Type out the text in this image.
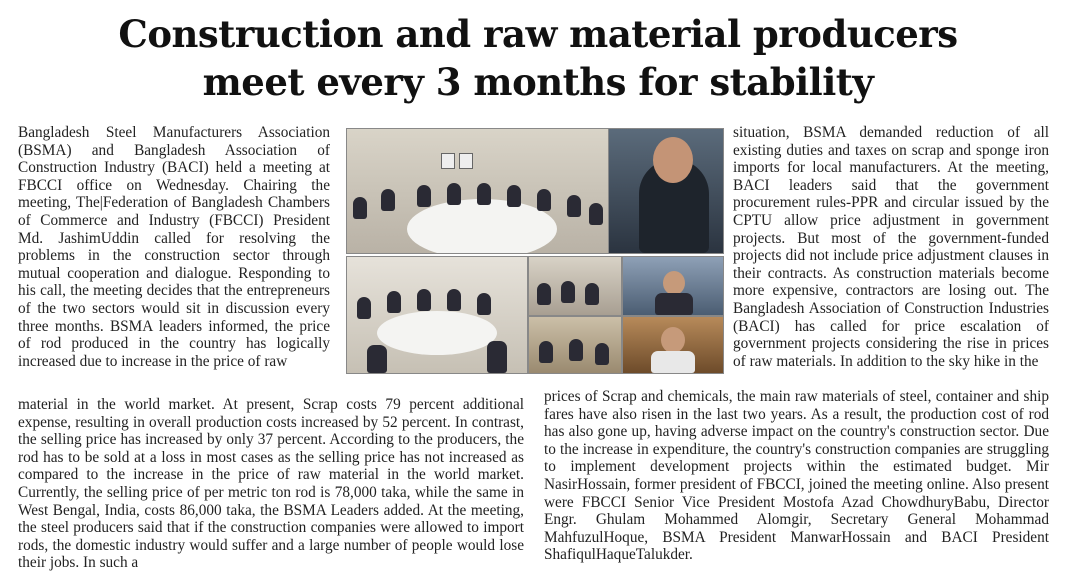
Construction and raw material producers
meet every 3 months for stability

Bangladesh Steel Manufacturers Association (BSMA) and Bangladesh Association of Construction Industry (BACI) held a meeting at FBCCI office on Wednesday. Chairing the meeting, The|Federation of Bangladesh Chambers of Commerce and Industry (FBCCI) President Md. JashimUddin called for resolving the problems in the construction sector through mutual cooperation and dialogue. Responding to his call, the meeting decides that the entrepreneurs of the two sectors would sit in discussion every three months. BSMA leaders informed, the price of rod produced in the country has logically increased due to increase in the price of raw

situation, BSMA demanded reduction of all existing duties and taxes on scrap and sponge iron imports for local manufacturers. At the meeting, BACI leaders said that the government procurement rules-PPR and circular issued by the CPTU allow price adjustment in government projects. But most of the government-funded projects did not include price adjustment clauses in their contracts. As construction materials become more expensive, contractors are losing out. The Bangladesh Association of Construction Industries (BACI) has called for price escalation of government projects considering the rise in prices of raw materials. In addition to the sky hike in the

material in the world market. At present, Scrap costs 79 percent additional expense, resulting in overall production costs increased by 52 percent. In contrast, the selling price has increased by only 37 percent. According to the producers, the rod has to be sold at a loss in most cases as the selling price has not increased as compared to the increase in the price of raw material in the world market. Currently, the selling price of per metric ton rod is 78,000 taka, while the same in West Bengal, India, costs 86,000 taka, the BSMA Leaders added. At the meeting, the steel producers said that if the construction companies were allowed to import rods, the domestic industry would suffer and a large number of people would lose their jobs. In such a

prices of Scrap and chemicals, the main raw materials of steel, container and ship fares have also risen in the last two years. As a result, the production cost of rod has also gone up, having adverse impact on the country's construction sector. Due to the increase in expenditure, the country's construction companies are struggling to implement development projects within the estimated budget. Mir NasirHossain, former president of FBCCI, joined the meeting online. Also present were FBCCI Senior Vice President Mostofa Azad ChowdhuryBabu, Director Engr. Ghulam Mohammed Alomgir, Secretary General Mohammad MahfuzulHoque, BSMA President ManwarHossain and BACI President ShafiqulHaqueTalukder.
